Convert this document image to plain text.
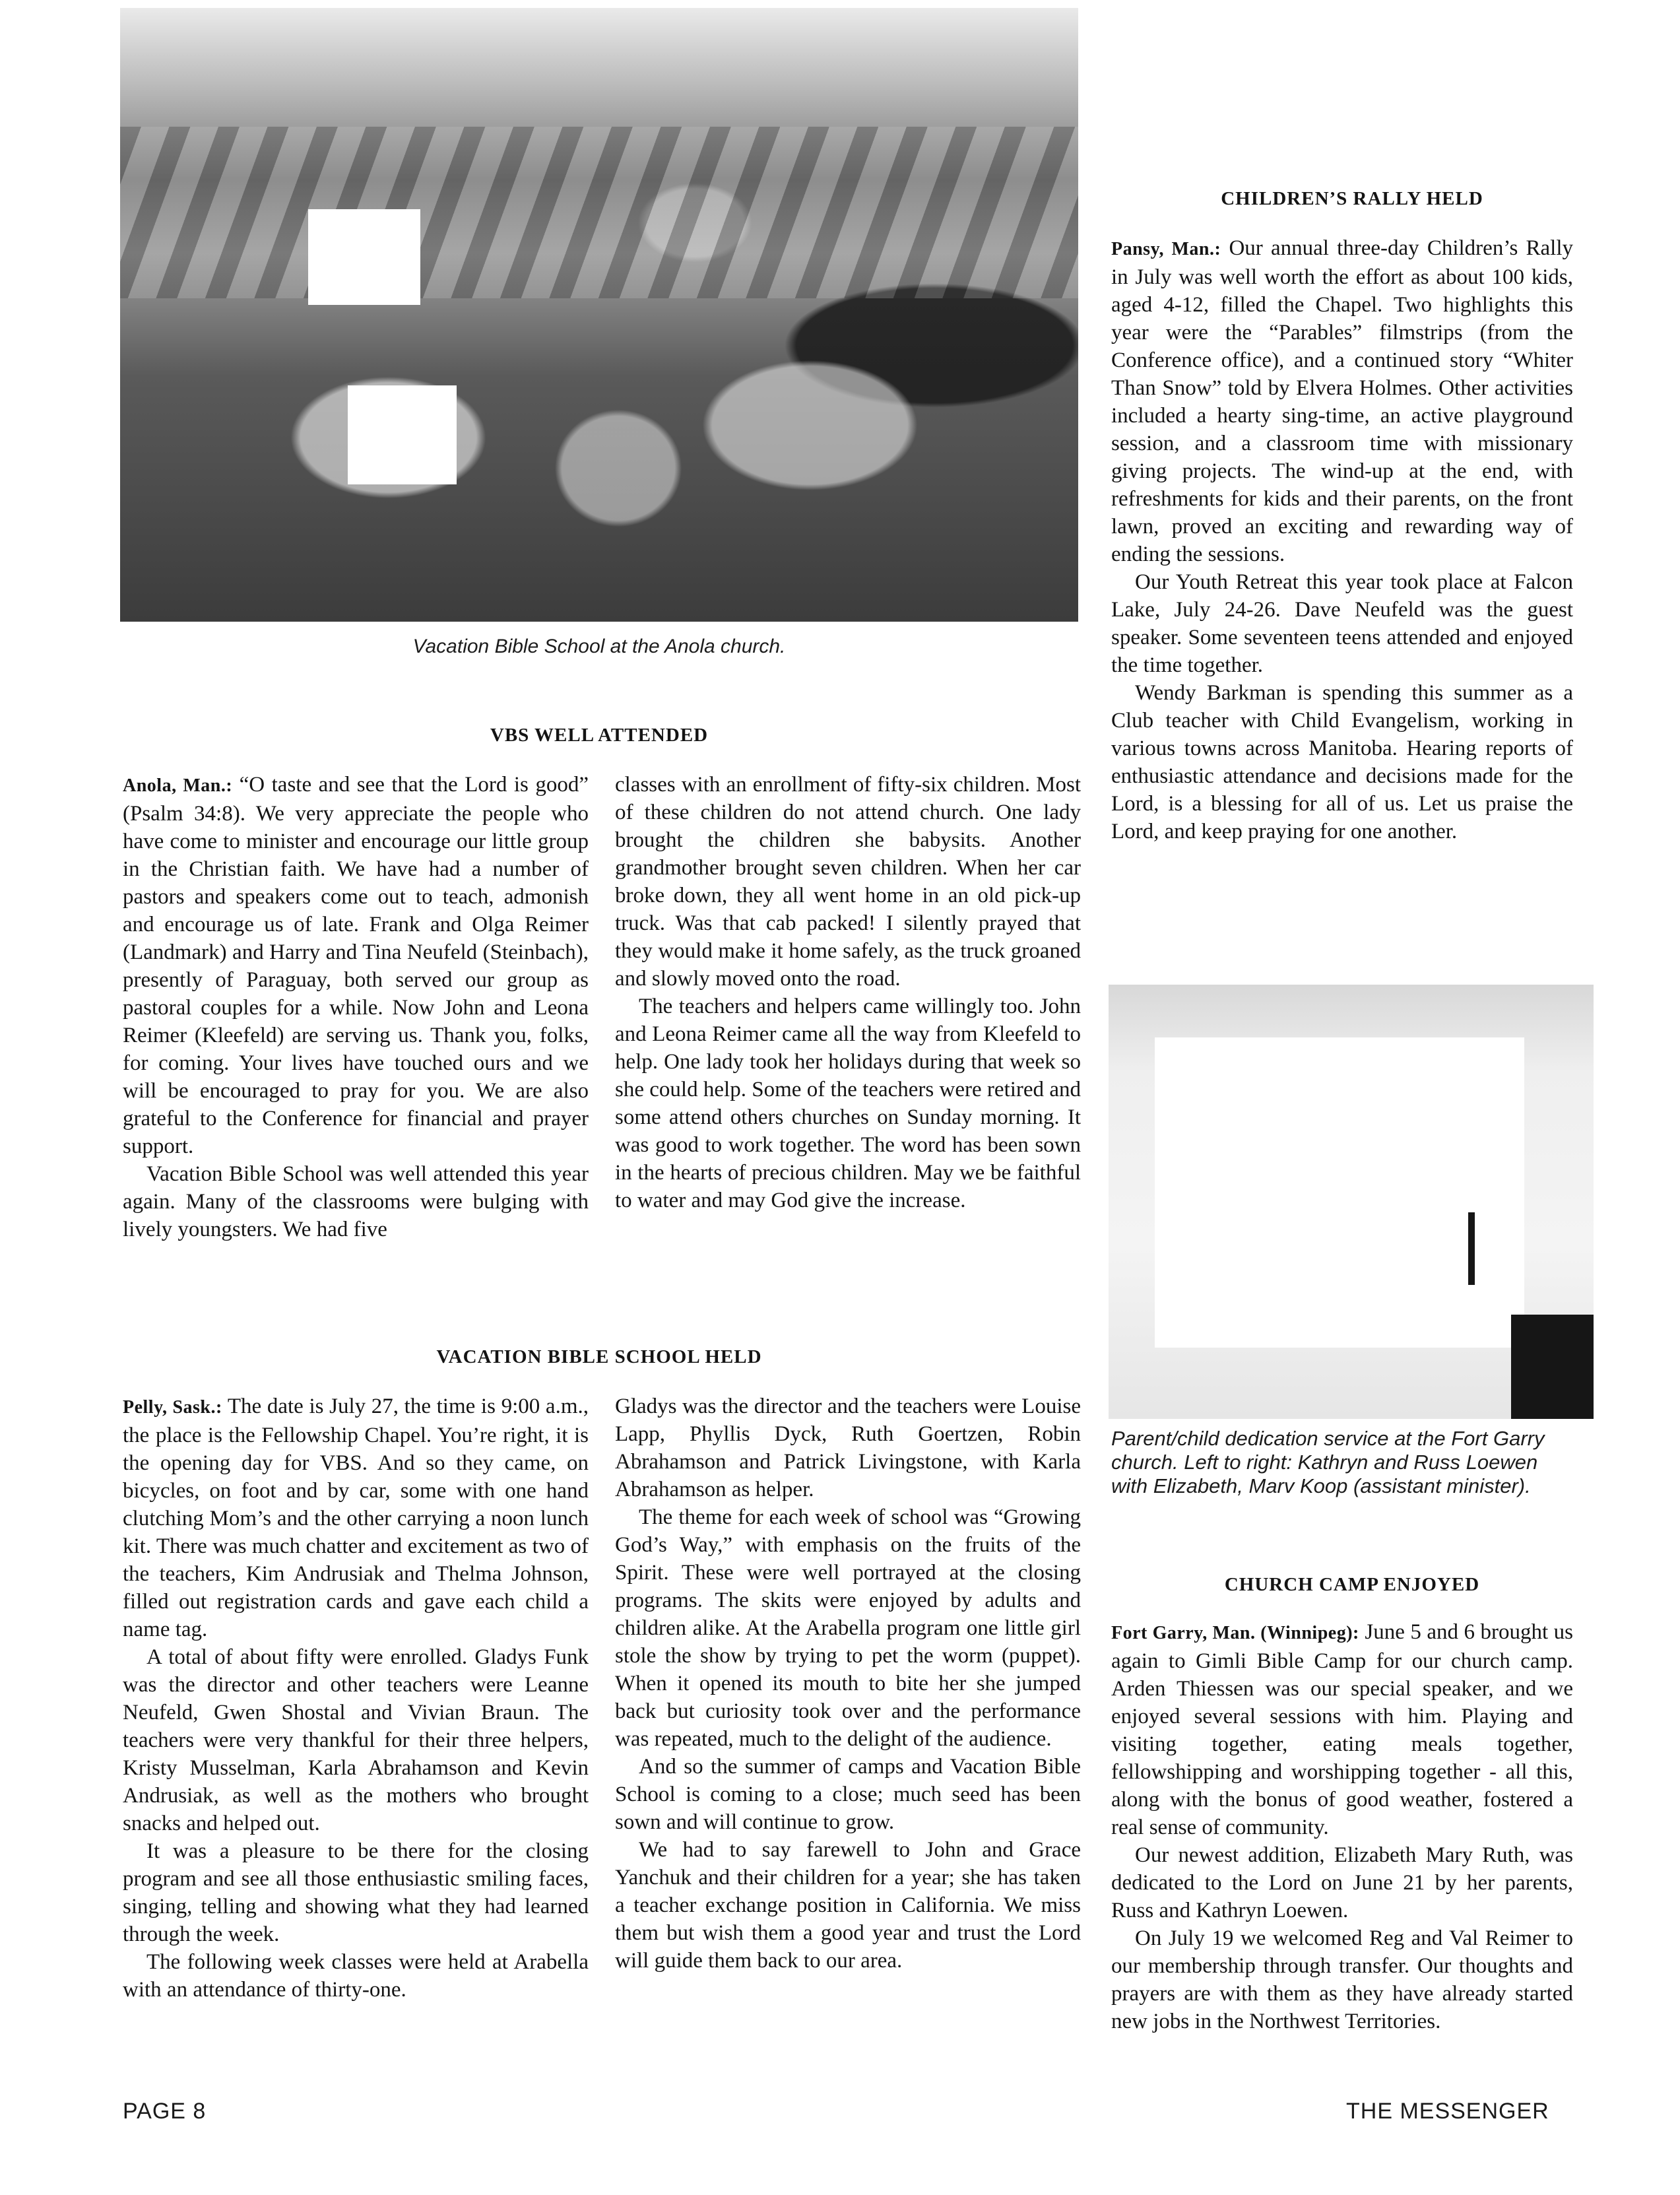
Vacation Bible School at the Anola church.
VBS WELL ATTENDED

Anola, Man.: “O taste and see that the Lord is good” (Psalm 34:8). We very appreciate the people who have come to minister and encourage our little group in the Christian faith. We have had a number of pastors and speakers come out to teach, admonish and encourage us of late. Frank and Olga Reimer (Landmark) and Harry and Tina Neufeld (Steinbach), presently of Paraguay, both served our group as pastoral couples for a while. Now John and Leona Reimer (Kleefeld) are serving us. Thank you, folks, for coming. Your lives have touched ours and we will be encouraged to pray for you. We are also grateful to the Conference for financial and prayer support.

Vacation Bible School was well attended this year again. Many of the classrooms were bulging with lively youngsters. We had five

classes with an enrollment of fifty-six children. Most of these children do not attend church. One lady brought the children she babysits. Another grandmother brought seven children. When her car broke down, they all went home in an old pick-up truck. Was that cab packed! I silently prayed that they would make it home safely, as the truck groaned and slowly moved onto the road.

The teachers and helpers came willingly too. John and Leona Reimer came all the way from Kleefeld to help. One lady took her holidays during that week so she could help. Some of the teachers were retired and some attend others churches on Sunday morning. It was good to work together. The word has been sown in the hearts of precious children. May we be faithful to water and may God give the increase.

VACATION BIBLE SCHOOL HELD

Pelly, Sask.: The date is July 27, the time is 9:00 a.m., the place is the Fellowship Chapel. You’re right, it is the opening day for VBS. And so they came, on bicycles, on foot and by car, some with one hand clutching Mom’s and the other carrying a noon lunch kit. There was much chatter and excitement as two of the teachers, Kim Andrusiak and Thelma Johnson, filled out registration cards and gave each child a name tag.

A total of about fifty were enrolled. Gladys Funk was the director and other teachers were Leanne Neufeld, Gwen Shostal and Vivian Braun. The teachers were very thankful for their three helpers, Kristy Musselman, Karla Abrahamson and Kevin Andrusiak, as well as the mothers who brought snacks and helped out.

It was a pleasure to be there for the closing program and see all those enthusiastic smiling faces, singing, telling and showing what they had learned through the week.

The following week classes were held at Arabella with an attendance of thirty-one.

Gladys was the director and the teachers were Louise Lapp, Phyllis Dyck, Ruth Goertzen, Robin Abrahamson and Patrick Livingstone, with Karla Abrahamson as helper.

The theme for each week of school was “Growing God’s Way,” with emphasis on the fruits of the Spirit. These were well portrayed at the closing programs. The skits were enjoyed by adults and children alike. At the Arabella program one little girl stole the show by trying to pet the worm (puppet). When it opened its mouth to bite her she jumped back but curiosity took over and the performance was repeated, much to the delight of the audience.

And so the summer of camps and Vacation Bible School is coming to a close; much seed has been sown and will continue to grow.

We had to say farewell to John and Grace Yanchuk and their children for a year; she has taken a teacher exchange position in California. We miss them but wish them a good year and trust the Lord will guide them back to our area.

CHILDREN’S RALLY HELD

Pansy, Man.: Our annual three-day Children’s Rally in July was well worth the effort as about 100 kids, aged 4-12, filled the Chapel. Two highlights this year were the “Parables” filmstrips (from the Conference office), and a continued story “Whiter Than Snow” told by Elvera Holmes. Other activities included a hearty sing-time, an active playground session, and a classroom time with missionary giving projects. The wind-up at the end, with refreshments for kids and their parents, on the front lawn, proved an exciting and rewarding way of ending the sessions.

Our Youth Retreat this year took place at Falcon Lake, July 24-26. Dave Neufeld was the guest speaker. Some seventeen teens attended and enjoyed the time together.

Wendy Barkman is spending this summer as a Club teacher with Child Evangelism, working in various towns across Manitoba. Hearing reports of enthusiastic attendance and decisions made for the Lord, is a blessing for all of us. Let us praise the Lord, and keep praying for one another.

Parent/child dedication service at the Fort Garry church. Left to right: Kathryn and Russ Loewen with Elizabeth, Marv Koop (assistant minister).
CHURCH CAMP ENJOYED

Fort Garry, Man. (Winnipeg): June 5 and 6 brought us again to Gimli Bible Camp for our church camp. Arden Thiessen was our special speaker, and we enjoyed several sessions with him. Playing and visiting together, eating meals together, fellowshipping and worshipping together - all this, along with the bonus of good weather, fostered a real sense of community.

Our newest addition, Elizabeth Mary Ruth, was dedicated to the Lord on June 21 by her parents, Russ and Kathryn Loewen.

On July 19 we welcomed Reg and Val Reimer to our membership through transfer. Our thoughts and prayers are with them as they have already started new jobs in the Northwest Territories.

PAGE 8	THE MESSENGER
